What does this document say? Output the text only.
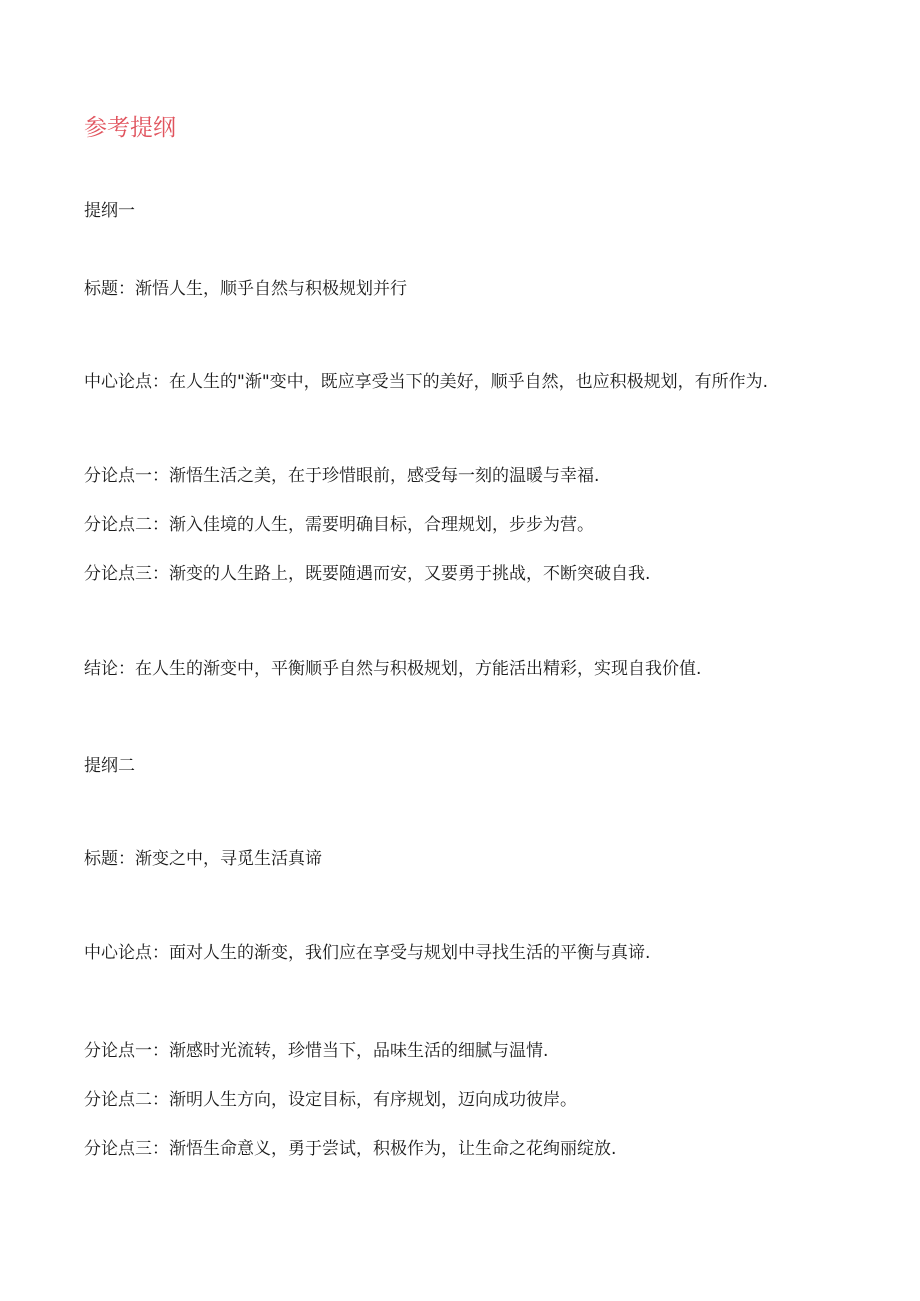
参考提纲
提纲一
标题：渐悟人生，顺乎自然与积极规划并行
中心论点：在人生的"渐"变中，既应享受当下的美好，顺乎自然，也应积极规划，有所作为.
分论点一：渐悟生活之美，在于珍惜眼前，感受每一刻的温暖与幸福.
分论点二：渐入佳境的人生，需要明确目标，合理规划，步步为营。
分论点三：渐变的人生路上，既要随遇而安，又要勇于挑战，不断突破自我.
结论：在人生的渐变中，平衡顺乎自然与积极规划，方能活出精彩，实现自我价值.
提纲二
标题：渐变之中，寻觅生活真谛
中心论点：面对人生的渐变，我们应在享受与规划中寻找生活的平衡与真谛.
分论点一：渐感时光流转，珍惜当下，品味生活的细腻与温情.
分论点二：渐明人生方向，设定目标，有序规划，迈向成功彼岸。
分论点三：渐悟生命意义，勇于尝试，积极作为，让生命之花绚丽绽放.
